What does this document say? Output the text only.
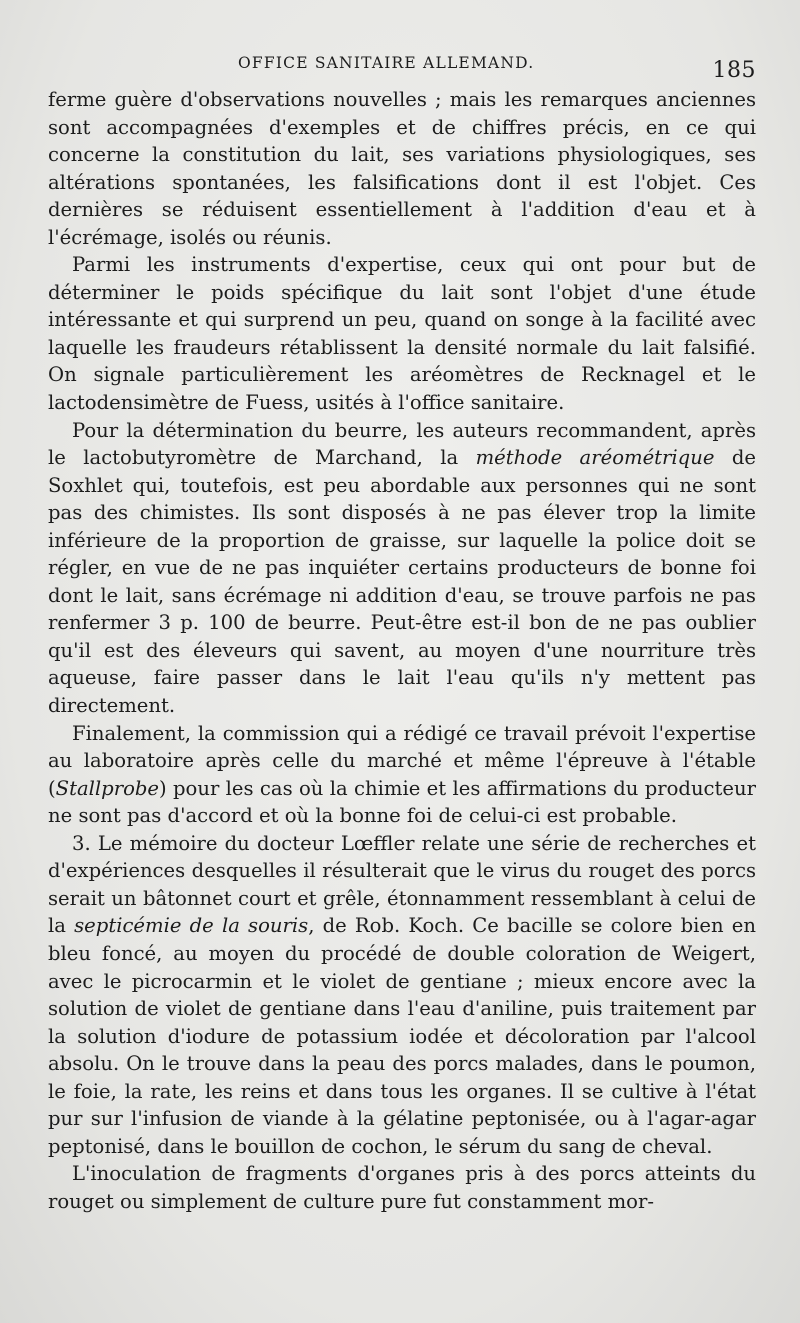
OFFICE SANITAIRE ALLEMAND.	185

ferme guère d'observations nouvelles ; mais les remarques anciennes sont accompagnées d'exemples et de chiffres précis, en ce qui concerne la constitution du lait, ses variations physiologiques, ses altérations spontanées, les falsifications dont il est l'objet. Ces dernières se réduisent essentiellement à l'addition d'eau et à l'écrémage, isolés ou réunis.

Parmi les instruments d'expertise, ceux qui ont pour but de déterminer le poids spécifique du lait sont l'objet d'une étude intéressante et qui surprend un peu, quand on songe à la facilité avec laquelle les fraudeurs rétablissent la densité normale du lait falsifié. On signale particulièrement les aréomètres de Recknagel et le lactodensimètre de Fuess, usités à l'office sanitaire.

Pour la détermination du beurre, les auteurs recommandent, après le lactobutyromètre de Marchand, la méthode aréométrique de Soxhlet qui, toutefois, est peu abordable aux personnes qui ne sont pas des chimistes. Ils sont disposés à ne pas élever trop la limite inférieure de la proportion de graisse, sur laquelle la police doit se régler, en vue de ne pas inquiéter certains producteurs de bonne foi dont le lait, sans écrémage ni addition d'eau, se trouve parfois ne pas renfermer 3 p. 100 de beurre. Peut-être est-il bon de ne pas oublier qu'il est des éleveurs qui savent, au moyen d'une nourriture très aqueuse, faire passer dans le lait l'eau qu'ils n'y mettent pas directement.

Finalement, la commission qui a rédigé ce travail prévoit l'expertise au laboratoire après celle du marché et même l'épreuve à l'étable (Stallprobe) pour les cas où la chimie et les affirmations du producteur ne sont pas d'accord et où la bonne foi de celui-ci est probable.

3. Le mémoire du docteur Lœffler relate une série de recherches et d'expériences desquelles il résulterait que le virus du rouget des porcs serait un bâtonnet court et grêle, étonnamment ressemblant à celui de la septicémie de la souris, de Rob. Koch. Ce bacille se colore bien en bleu foncé, au moyen du procédé de double coloration de Weigert, avec le picrocarmin et le violet de gentiane ; mieux encore avec la solution de violet de gentiane dans l'eau d'aniline, puis traitement par la solution d'iodure de potassium iodée et décoloration par l'alcool absolu. On le trouve dans la peau des porcs malades, dans le poumon, le foie, la rate, les reins et dans tous les organes. Il se cultive à l'état pur sur l'infusion de viande à la gélatine peptonisée, ou à l'agar-agar peptonisé, dans le bouillon de cochon, le sérum du sang de cheval.

L'inoculation de fragments d'organes pris à des porcs atteints du rouget ou simplement de culture pure fut constamment mor-
